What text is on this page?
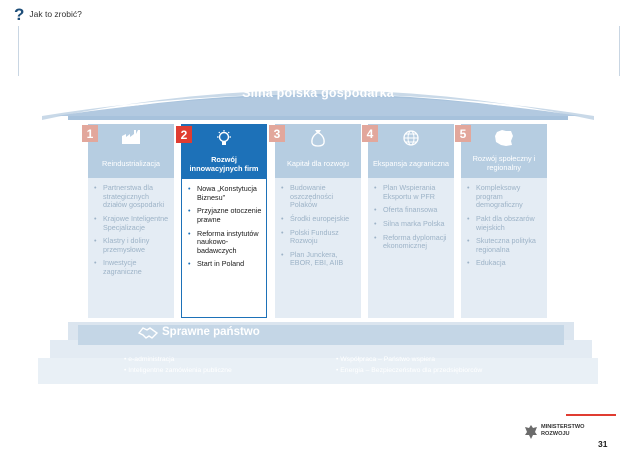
? Jak to zrobić?
Silna polska gospodarka
1
Reindustrializacja
• Partnerstwa dla strategicznych działów gospodarki
• Krajowe Inteligentne Specjalizacje
• Klastry i doliny przemysłowe
• Inwestycje zagraniczne
2
Rozwój innowacyjnych firm
• Nowa „Konstytucja Biznesu”
• Przyjazne otoczenie prawne
• Reforma instytutów naukowo-badawczych
• Start in Poland
3
Kapitał dla rozwoju
• Budowanie oszczędności Polaków
• Środki europejskie
• Polski Fundusz Rozwoju
• Plan Junckera, EBOR, EBI, AIIB
4
Ekspansja zagraniczna
• Plan Wspierania Eksportu w PFR
• Oferta finansowa
• Silna marka Polska
• Reforma dyplomacji ekonomicznej
5
Rozwój społeczny i regionalny
• Kompleksowy program demograficzny
• Pakt dla obszarów wiejskich
• Skuteczna polityka regionalna
• Edukacja
Sprawne państwo
• e-administracja
• Inteligentne zamówienia publiczne
• Współpraca – Państwo wspiera
• Energia – Bezpieczeństwo dla przedsiębiorców
MINISTERSTWO
ROZWOJU
31
